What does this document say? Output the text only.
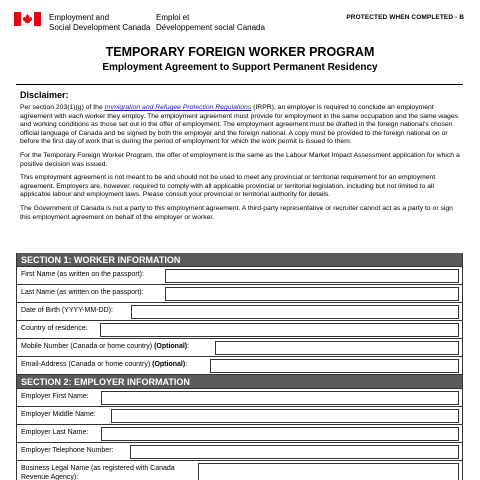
Employment and
Social Development Canada
Emploi et
Développement social Canada
PROTECTED WHEN COMPLETED - B
TEMPORARY FOREIGN WORKER PROGRAM
Employment Agreement to Support Permanent Residency
Disclaimer:

Per section 203(1)(g) of the Immigration and Refugee Protection Regulations (IRPR), an employer is required to conclude an employment agreement with each worker they employ. The employment agreement must provide for employment in the same occupation and the same wages and working conditions as those set out in the offer of employment. The employment agreement must be drafted in the foreign national's chosen official language of Canada and be signed by both the employer and the foreign national. A copy must be provided to the foreign national on or before the first day of work that is during the period of employment for which the work permit is issued to them.

For the Temporary Foreign Worker Program, the offer of employment is the same as the Labour Market Impact Assessment application for which a positive decision was issued.

This employment agreement is not meant to be and should not be used to meet any provincial or territorial requirement for an employment agreement. Employers are, however, required to comply with all applicable provincial or territorial legislation, including but not limited to all applicable labour and employment laws. Please consult your provincial or territorial authority for details.

The Government of Canada is not a party to this employment agreement. A third-party representative or recruiter cannot act as a party to or sign this employment agreement on behalf of the employer or worker.

SECTION 1: WORKER INFORMATION
First Name (as written on the passport):
Last Name (as written on the passport):
Date of Birth (YYYY-MM-DD):
Country of residence:
Mobile Number (Canada or home country) (Optional):
Email-Address (Canada or home country) (Optional):
SECTION 2: EMPLOYER INFORMATION
Employer First Name:
Employer Middle Name:
Employer Last Name:
Employer Telephone Number:
Business Legal Name (as registered with Canada
Revenue Agency):
